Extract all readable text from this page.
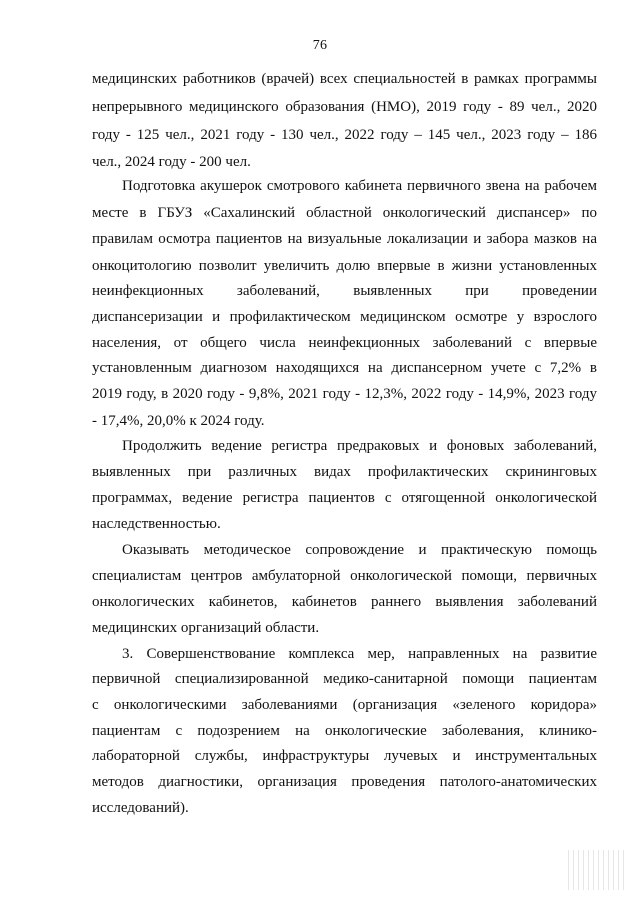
76
медицинских работников (врачей) всех специальностей в рамках программы
непрерывного медицинского образования (НМО), 2019 году - 89 чел., 2020
году - 125 чел., 2021 году - 130 чел., 2022 году – 145 чел., 2023 году – 186
чел., 2024 году - 200 чел.
Подготовка акушерок смотрового кабинета первичного звена на рабочем
месте в ГБУЗ «Сахалинский областной онкологический диспансер» по
правилам осмотра пациентов на визуальные локализации и забора мазков на
онкоцитологию позволит увеличить долю впервые в жизни установленных
неинфекционных заболеваний, выявленных при проведении
диспансеризации и профилактическом медицинском осмотре у взрослого
населения, от общего числа неинфекционных заболеваний с впервые
установленным диагнозом находящихся на диспансерном учете с 7,2% в
2019 году, в 2020 году - 9,8%, 2021 году - 12,3%, 2022 году - 14,9%, 2023 году
- 17,4%, 20,0% к 2024 году.
Продолжить ведение регистра предраковых и фоновых заболеваний,
выявленных при различных видах профилактических скрининговых
программах, ведение регистра пациентов с отягощенной онкологической
наследственностью.
Оказывать методическое сопровождение и практическую помощь
специалистам центров амбулаторной онкологической помощи, первичных
онкологических кабинетов, кабинетов раннего выявления заболеваний
медицинских организаций области.
3. Совершенствование комплекса мер, направленных на развитие
первичной специализированной медико-санитарной помощи пациентам
с онкологическими заболеваниями (организация «зеленого коридора»
пациентам с подозрением на онкологические заболевания, клинико-
лабораторной службы, инфраструктуры лучевых и инструментальных
методов диагностики, организация проведения патолого-анатомических
исследований).
